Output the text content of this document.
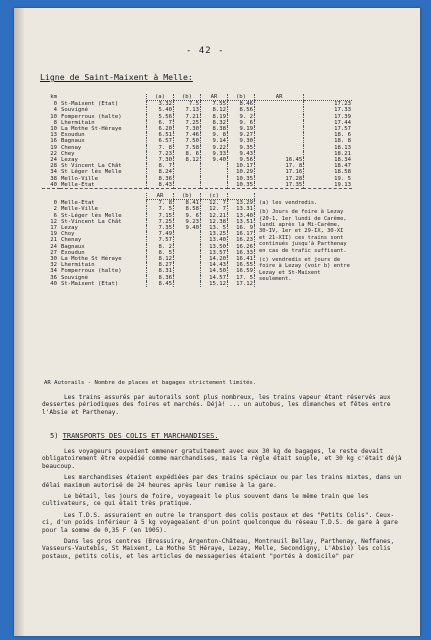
- 42 -
Ligne de Saint-Maixent à Melle:
km		(a)	(b)	AR	(b)	AR	
0	St-Maixent (Etat)	3.32	7.5	7.55	8.46		17.23
4	Souvigné	5.40	7.13	8.12	8.56		17.33
10	Fomperroux (halte)	5.56	7.21	8.19	9. 2		17.39
8	Lhermitain	6. 7	7.25	8.32	9. 6		17.44
10	La Mothe St-Héraye	6.20	7.30	8.38	9.19		17.57
13	Exoudun	6.51	7.46	9. 8	9.27		18. 6
16	Bagnaux	6.57	7.50	9.14	9.30		18. 8
19	Chenay	7. 8	7.58	9.22	9.35		18.13
22	Chey	7.23	8. 6	9.33	9.43		18.21
24	Lezay	7.30	8.12	9.40	9.56	16.45	18.34
28	St Vincent La Chât	8. 7			10.17	17. 8	18.47
34	St Léger lès Melle	8.24			10.29	17.16	18.58
38	Mello-Ville	8.36			10.35	17.28	19. 5
40	Melle-Etat	8.43			10.35	17.35	19.13

		AR	(b)	(c)			
0	Melle-Etat	7. 8	8.41	12. 7	13.29	(a) les vendredis.
(b) Jours de foire à Lezay (20-1, 1er lundi de Carême, lundi après la Mi-Carême, 30-IV, 1er et 29-IX, 30-XI et 21-XII) ces trains sont continués jusqu'à Parthenay en cas de trafic suffisant.
(c) vendredis et jours de foire à Lezay (voir b) entre Lezay et St-Maixent seulement.	

2	Melle-Ville	7. 5	8.58	12. 7	13.31		
6	St-Léger lès Melle	7.15	9. 6	12.21	13.40		
12	St-Vincent La Chât	7.25	9.23	12.38	13.51		
17	Lezay	7.35	9.40	13. 5	16. 9		
19	Choy	7.49		13.25	16.17		
21	Chenay	7.57		13.40	16.23		
24	Bagnaux	8. 2		13.50	16.26		
27	Exoudun	8. 5		13.57	16.33		
30	La Mothe St Héraye	8.12		14.20	16.41		
32	Lhermitain	8.27		14.43	16.55		
34	Fomperroux (halte)	8.31		14.50	16.59		
36	Souvigné	8.36		14.57	17. 5		
40	St-Maixent (Etat)	8.45		15.12	17.12		
AR Autorails - Nombre de places et bagages strictement limités.

Les trains assurés par autorails sont plus nombreux, les trains vapeur étant réservés aux dessertes périodiques des foires et marchés. Déjà! ... un autobus, les dimanches et fêtes entre l'Absie et Parthenay.

5) TRANSPORTS DES COLIS ET MARCHANDISES.

Les voyageurs pouvaient emmener gratuitement avec eux 30 kg de bagages, le reste devait obligatoirement être expédié comme marchandises, mais la règle était souple, et 30 kg c'était déjà beaucoup.

Les marchandises étaient expédiées par des trains spéciaux ou par les trains mixtes, dans un délai maximum autorisé de 24 heures après leur remise à la gare.

Le bétail, les jours de foire, voyageait le plus souvent dans le même train que les cultivateurs, ce qui était très pratique.

Les T.D.S. assuraient en outre le transport des colis postaux et des "Petits Colis". Ceux-ci, d'un poids inférieur à 5 kg voyageaient d'un point quelconque du réseau T.D.S. de gare à gare pour la somme de 0,35 F (en 1905).

Dans les gros centres (Bressuire, Argenton-Château, Montreuil Bellay, Parthenay, Neffanes, Vasseurs-Vautebis, St Maixent, La Mothe St Héraye, Lezay, Melle, Secondigny, L'Absie) les colis postaux, petits colis, et les articles de messageries étaient "portés à domicile" par
